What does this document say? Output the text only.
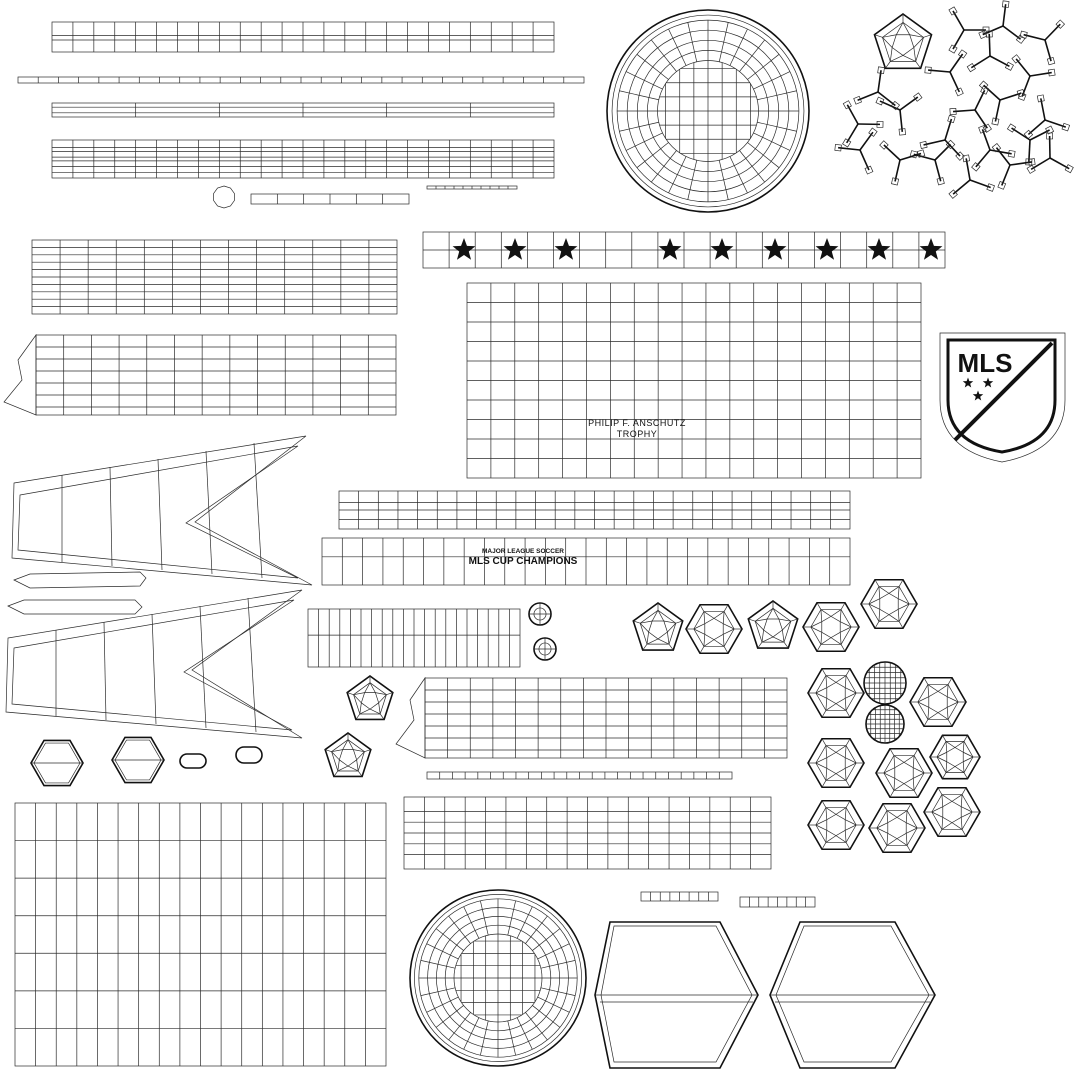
PHILIP F. ANSCHUTZ
TROPHY
MAJOR LEAGUE SOCCER
MLS CUP CHAMPIONS
MLS
